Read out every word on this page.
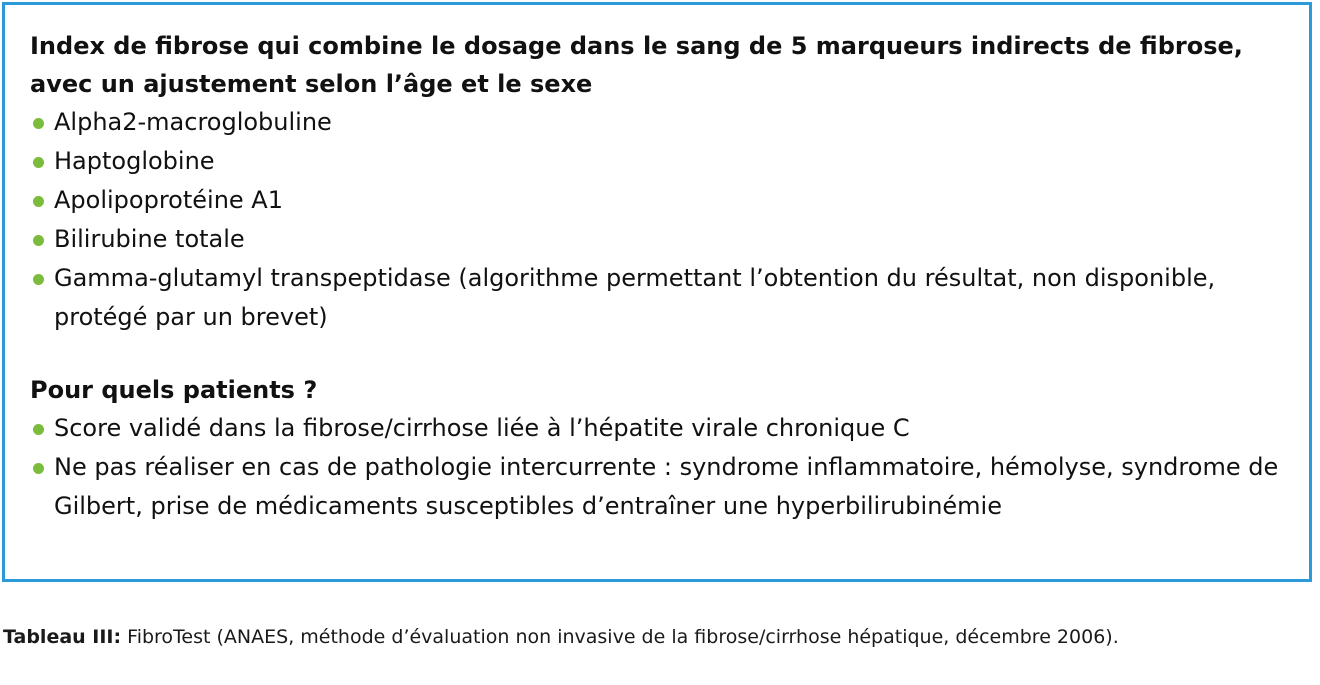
Index de fibrose qui combine le dosage dans le sang de 5 marqueurs indirects de fibrose, avec un ajustement selon l’âge et le sexe

Alpha2-macroglobuline
Haptoglobine
Apolipoprotéine A1
Bilirubine totale
Gamma-glutamyl transpeptidase (algorithme permettant l’obtention du résultat, non disponible, protégé par un brevet)

Pour quels patients ?

Score validé dans la fibrose/cirrhose liée à l’hépatite virale chronique C
Ne pas réaliser en cas de pathologie intercurrente : syndrome inflammatoire, hémolyse, syndrome de Gilbert, prise de médicaments susceptibles d’entraîner une hyperbilirubinémie
Tableau III: FibroTest (ANAES, méthode d’évaluation non invasive de la fibrose/cirrhose hépatique, décembre 2006).
